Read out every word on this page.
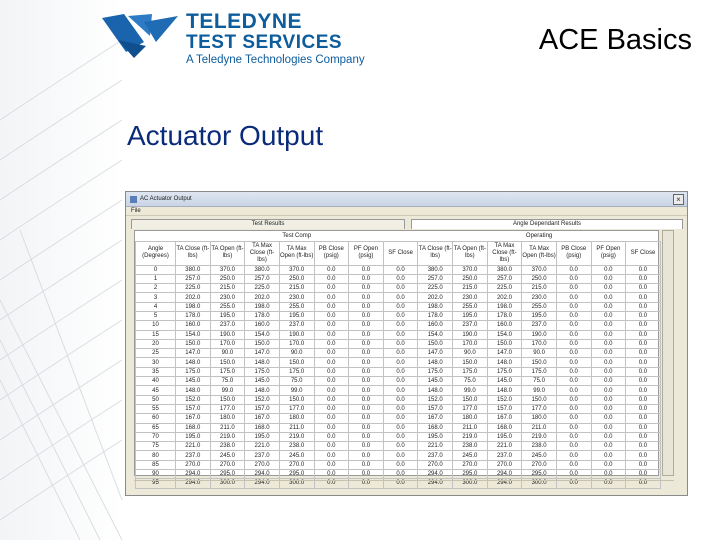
TELEDYNE
TEST SERVICES
A Teledyne Technologies Company
ACE Basics
Actuator Output
AC Actuator Output	×
File
Test Results	Angle Dependant Results
	Test Comp							Operating						
Angle (Degrees)	TA Close (ft-lbs)	TA Open (ft-lbs)	TA Max Close (ft-lbs)	TA Max Open (ft-lbs)	PB Close (psig)	PF Open (psig)	SF Close	TA Close (ft-lbs)	TA Open (ft-lbs)	TA Max Close (ft-lbs)	TA Max Open (ft-lbs)	PB Close (psig)	PF Open (psig)	SF Close
0	380.0	370.0	380.0	370.0	0.0	0.0	0.0	380.0	370.0	380.0	370.0	0.0	0.0	0.0
1	257.0	250.0	257.0	250.0	0.0	0.0	0.0	257.0	250.0	257.0	250.0	0.0	0.0	0.0
2	225.0	215.0	225.0	215.0	0.0	0.0	0.0	225.0	215.0	225.0	215.0	0.0	0.0	0.0
3	202.0	230.0	202.0	230.0	0.0	0.0	0.0	202.0	230.0	202.0	230.0	0.0	0.0	0.0
4	198.0	255.0	198.0	255.0	0.0	0.0	0.0	198.0	255.0	198.0	255.0	0.0	0.0	0.0
5	178.0	195.0	178.0	195.0	0.0	0.0	0.0	178.0	195.0	178.0	195.0	0.0	0.0	0.0
10	160.0	237.0	160.0	237.0	0.0	0.0	0.0	160.0	237.0	160.0	237.0	0.0	0.0	0.0
15	154.0	190.0	154.0	190.0	0.0	0.0	0.0	154.0	190.0	154.0	190.0	0.0	0.0	0.0
20	150.0	170.0	150.0	170.0	0.0	0.0	0.0	150.0	170.0	150.0	170.0	0.0	0.0	0.0
25	147.0	90.0	147.0	90.0	0.0	0.0	0.0	147.0	90.0	147.0	90.0	0.0	0.0	0.0
30	148.0	150.0	148.0	150.0	0.0	0.0	0.0	148.0	150.0	148.0	150.0	0.0	0.0	0.0
35	175.0	175.0	175.0	175.0	0.0	0.0	0.0	175.0	175.0	175.0	175.0	0.0	0.0	0.0
40	145.0	75.0	145.0	75.0	0.0	0.0	0.0	145.0	75.0	145.0	75.0	0.0	0.0	0.0
45	148.0	99.0	148.0	99.0	0.0	0.0	0.0	148.0	99.0	148.0	99.0	0.0	0.0	0.0
50	152.0	150.0	152.0	150.0	0.0	0.0	0.0	152.0	150.0	152.0	150.0	0.0	0.0	0.0
55	157.0	177.0	157.0	177.0	0.0	0.0	0.0	157.0	177.0	157.0	177.0	0.0	0.0	0.0
60	167.0	180.0	167.0	180.0	0.0	0.0	0.0	167.0	180.0	167.0	180.0	0.0	0.0	0.0
65	168.0	211.0	168.0	211.0	0.0	0.0	0.0	168.0	211.0	168.0	211.0	0.0	0.0	0.0
70	195.0	219.0	195.0	219.0	0.0	0.0	0.0	195.0	219.0	195.0	219.0	0.0	0.0	0.0
75	221.0	238.0	221.0	238.0	0.0	0.0	0.0	221.0	238.0	221.0	238.0	0.0	0.0	0.0
80	237.0	245.0	237.0	245.0	0.0	0.0	0.0	237.0	245.0	237.0	245.0	0.0	0.0	0.0
85	270.0	270.0	270.0	270.0	0.0	0.0	0.0	270.0	270.0	270.0	270.0	0.0	0.0	0.0
90	294.0	295.0	294.0	295.0	0.0	0.0	0.0	294.0	295.0	294.0	295.0	0.0	0.0	0.0
95	294.0	300.0	294.0	300.0	0.0	0.0	0.0	294.0	300.0	294.0	300.0	0.0	0.0	0.0
